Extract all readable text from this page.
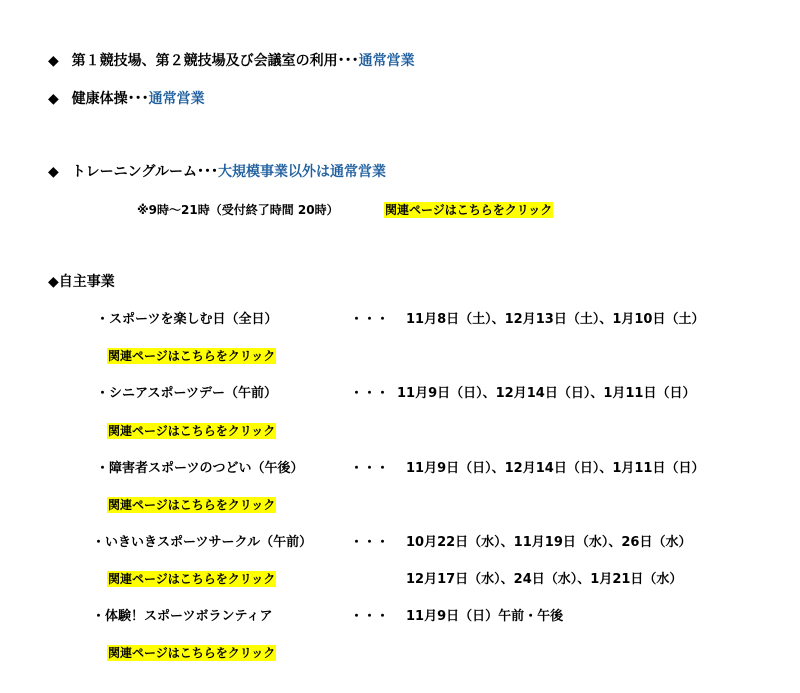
◆ 第１競技場、第２競技場及び会議室の利用･･･通常営業
◆ 健康体操･･･通常営業
◆ トレーニングルーム･･･大規模事業以外は通常営業
※9時～21時（受付終了時間 20時）	関連ページはこちらをクリック
◆自主事業
・スポーツを楽しむ日（全日）	・・・ 11月8日（土）、12月13日（土）、1月10日（土）
関連ページはこちらをクリック
・シニアスポーツデー（午前）	・・・ 11月9日（日）、12月14日（日）、1月11日（日）
関連ページはこちらをクリック
・障害者スポーツのつどい（午後）	・・・ 11月9日（日）、12月14日（日）、1月11日（日）
関連ページはこちらをクリック
・いきいきスポーツサークル（午前）	・・・ 10月22日（水）、11月19日（水）、26日（水）
関連ページはこちらをクリック	12月17日（水）、24日（水）、1月21日（水）
・体験！スポーツボランティア	・・・ 11月9日（日）午前・午後
関連ページはこちらをクリック
